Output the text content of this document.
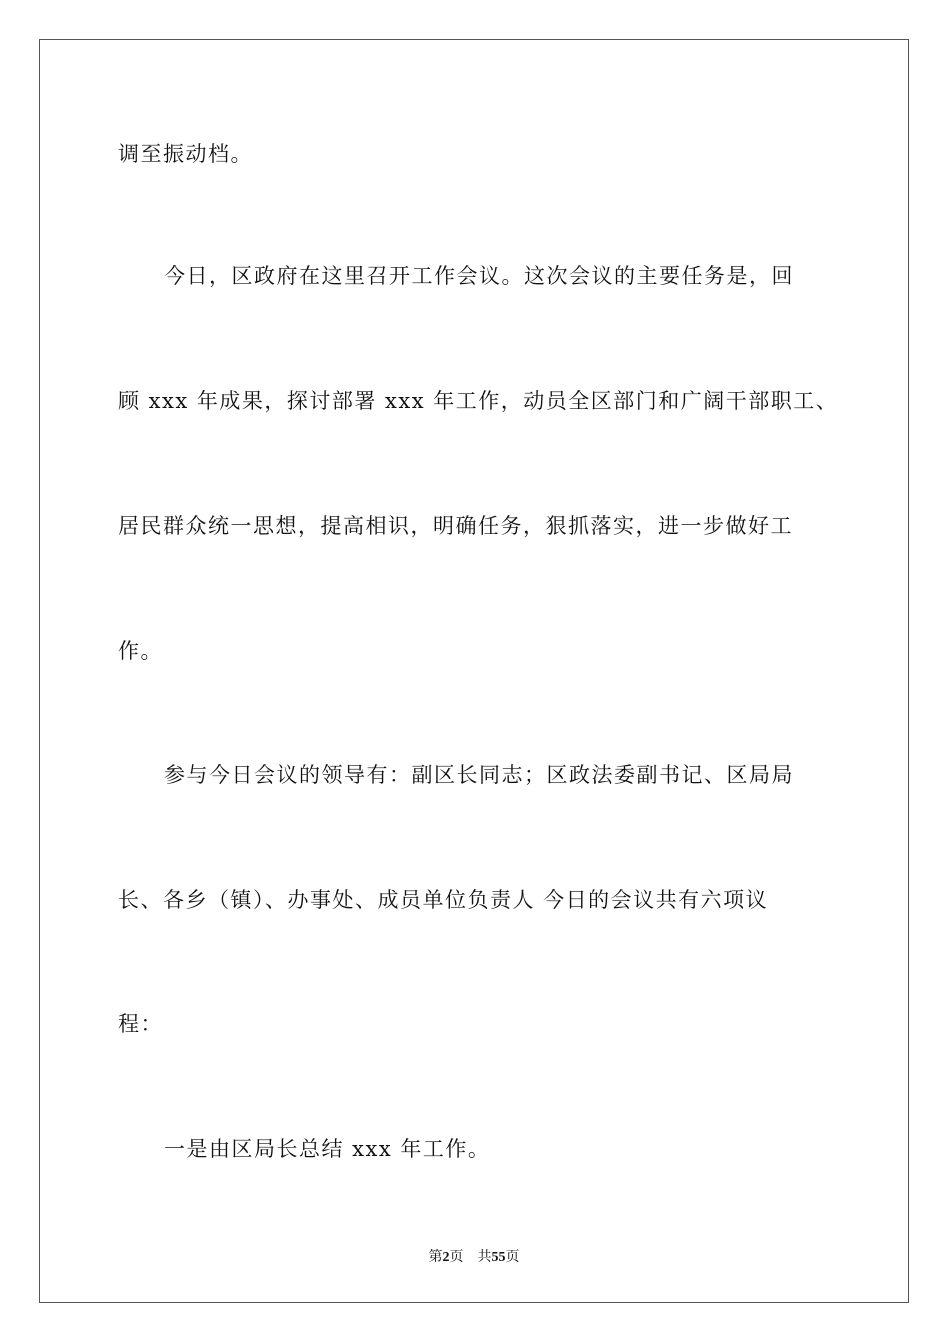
调至振动档。
今日，区政府在这里召开工作会议。这次会议的主要任务是，回
顾 xxx 年成果，探讨部署 xxx 年工作，动员全区部门和广阔干部职工、
居民群众统一思想，提高相识，明确任务，狠抓落实，进一步做好工
作。
参与今日会议的领导有：副区长同志；区政法委副书记、区局局
长、各乡（镇）、办事处、成员单位负责人 今日的会议共有六项议
程：
一是由区局长总结 xxx 年工作。
第2页 共55页
